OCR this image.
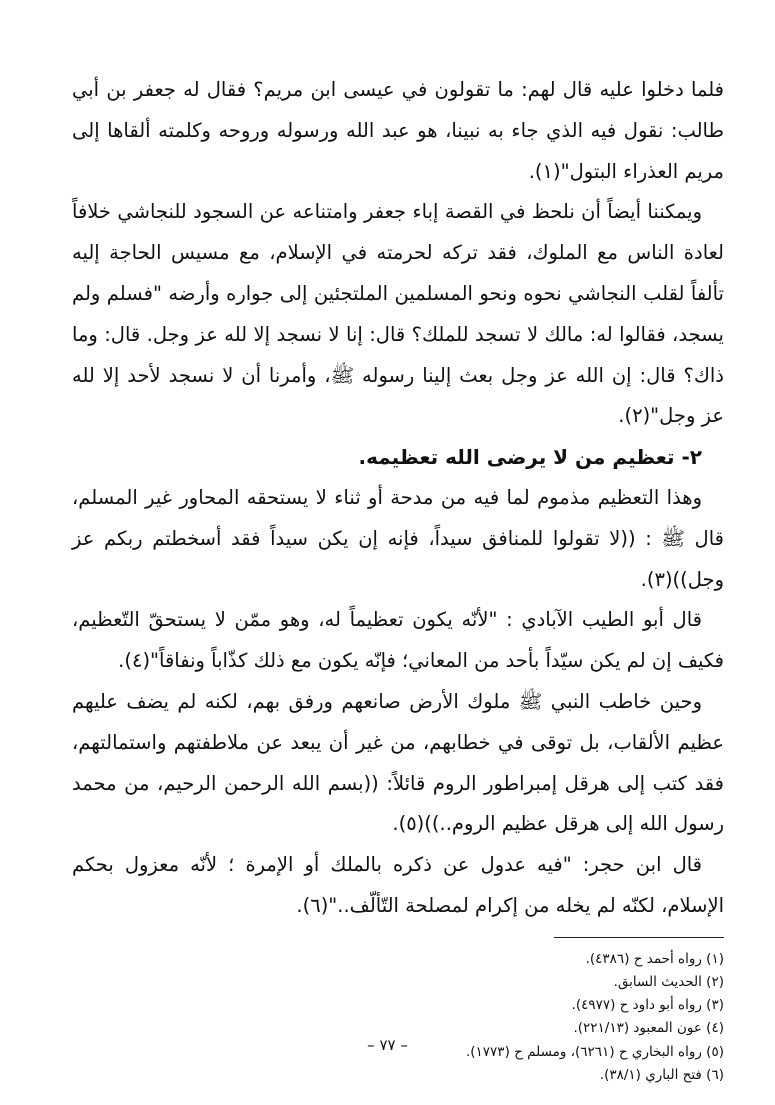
فلما دخلوا عليه قال لهم: ما تقولون في عيسى ابن مريم؟ فقال له جعفر بن أبي طالب: نقول فيه الذي جاء به نبينا، هو عبد الله ورسوله وروحه وكلمته ألقاها إلى مريم العذراء البتول"(١).

ويمكننا أيضاً أن نلحظ في القصة إباء جعفر وامتناعه عن السجود للنجاشي خلافاً لعادة الناس مع الملوك، فقد تركه لحرمته في الإسلام، مع مسيس الحاجة إليه تألفاً لقلب النجاشي نحوه ونحو المسلمين الملتجئين إلى جواره وأرضه "فسلم ولم يسجد، فقالوا له: مالك لا تسجد للملك؟ قال: إنا لا نسجد إلا لله عز وجل. قال: وما ذاك؟ قال: إن الله عز وجل بعث إلينا رسوله ﷺ، وأمرنا أن لا نسجد لأحد إلا لله عز وجل"(٢).

٢- تعظيم من لا يرضى الله تعظيمه.

وهذا التعظيم مذموم لما فيه من مدحة أو ثناء لا يستحقه المحاور غير المسلم، قال ﷺ : ((لا تقولوا للمنافق سيداً، فإنه إن يكن سيداً فقد أسخطتم ربكم عز وجل))(٣).

قال أبو الطيب الآبادي : "لأنّه يكون تعظيماً له، وهو ممّن لا يستحقّ التّعظيم، فكيف إن لم يكن سيّداً بأحد من المعاني؛ فإنّه يكون مع ذلك كذّاباً ونفاقاً"(٤).

وحين خاطب النبي ﷺ ملوك الأرض صانعهم ورفق بهم، لكنه لم يضف عليهم عظيم الألقاب، بل توقى في خطابهم، من غير أن يبعد عن ملاطفتهم واستمالتهم، فقد كتب إلى هرقل إمبراطور الروم قائلاً: ((بسم الله الرحمن الرحيم، من محمد رسول الله إلى هرقل عظيم الروم..))(٥).

قال ابن حجر: "فيه عدول عن ذكره بالملك أو الإمرة ؛ لأنّه معزول بحكم الإسلام، لكنّه لم يخله من إكرام لمصلحة التّألّف.."(٦).

(١) رواه أحمد ح (٤٣٨٦).

(٢) الحديث السابق.

(٣) رواه أبو داود ح (٤٩٧٧).

(٤) عون المعبود (٢٢١/١٣).

(٥) رواه البخاري ح (٦٢٦١)، ومسلم ح (١٧٧٣).

(٦) فتح الباري (٣٨/١).

– ٧٧ –
